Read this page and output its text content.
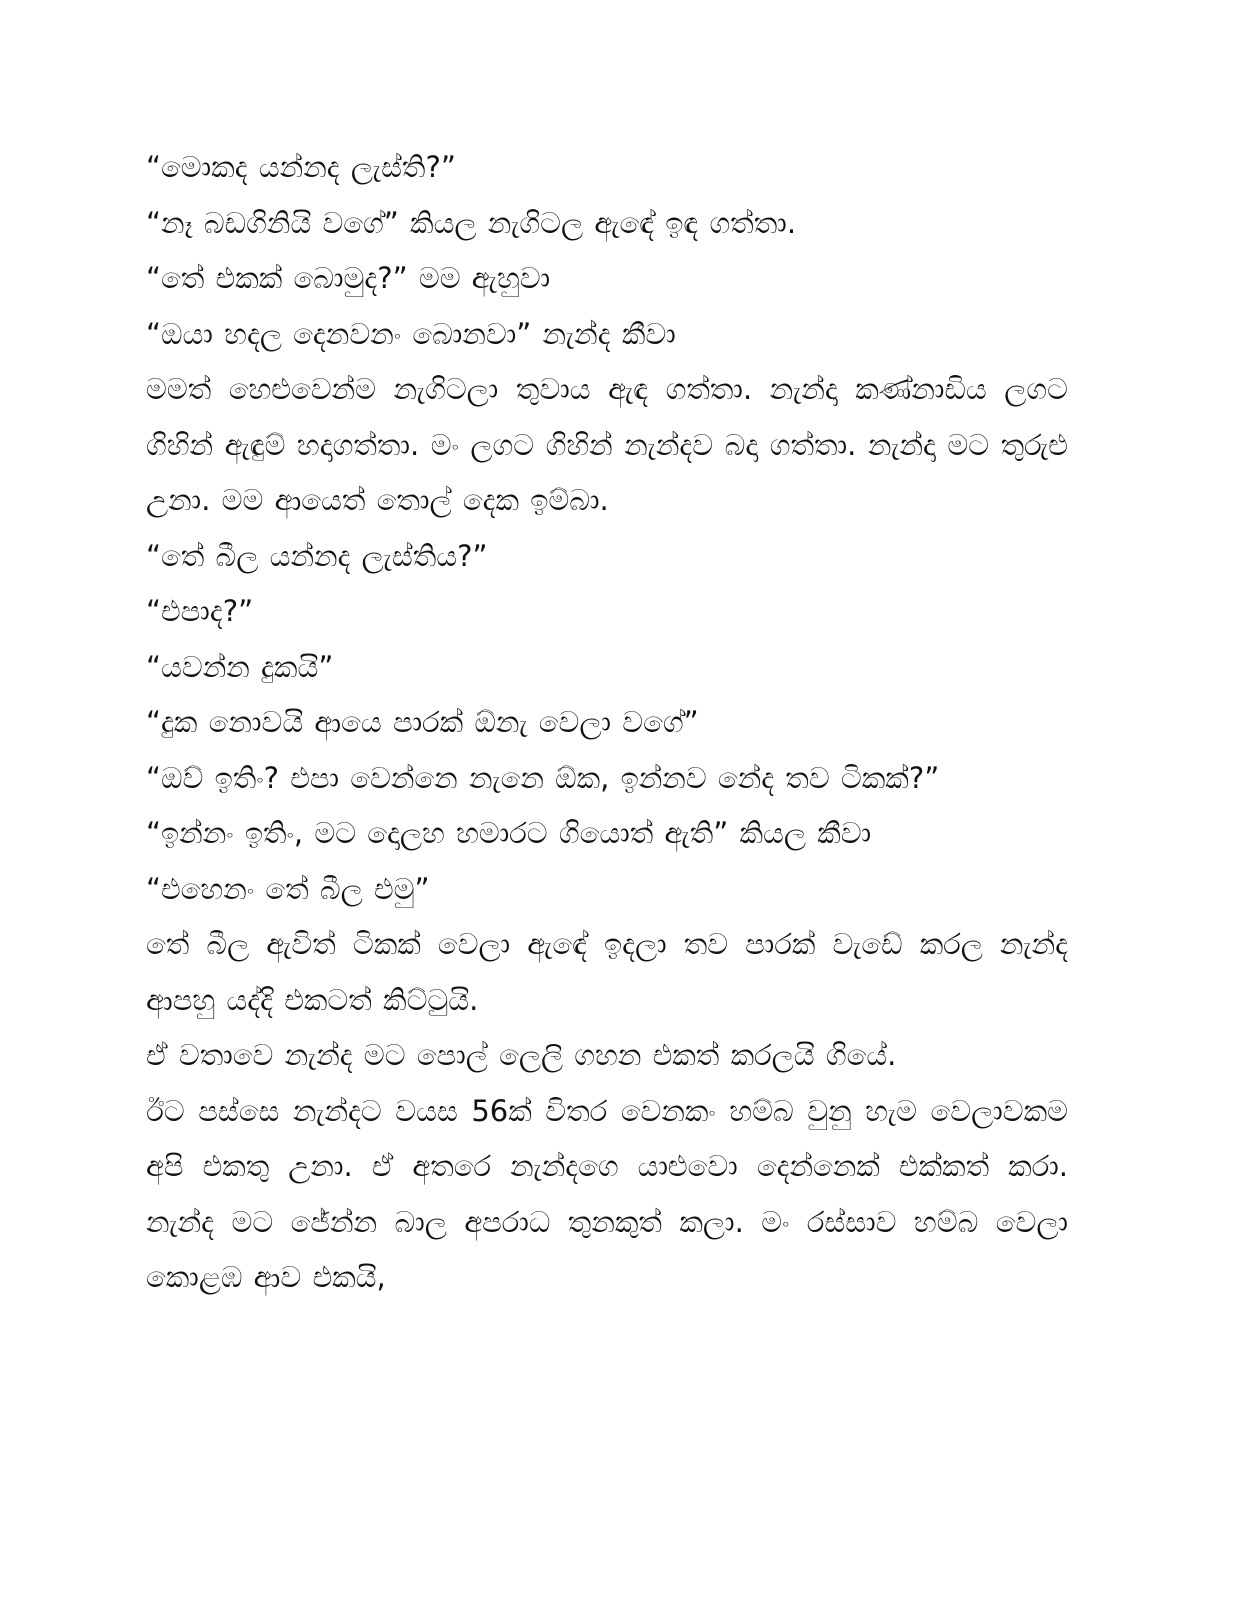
“මොකද යන්නද ලැස්ති?”

“නෑ බඩගිනියි වගේ” කියල නැගිටල ඇඳේ ඉඳ ගත්තා.

“තේ එකක් බොමුද?” මම ඇහුවා

“ඔයා හදල දෙනවනං බොනවා” නැන්ද කීවා

මමත් හෙළුවෙන්ම නැගිටලා තුවාය ඇඳ ගත්තා. නැන්දා කණ්නාඩිය ලගට ගිහින් ඇඳුම් හදාගත්තා. මං ලගට ගිහින් නැන්දව බදා ගත්තා. නැන්දා මට තුරුළු උනා. මම ආයෙත් තොල් දෙක ඉම්බා.

“තේ බීල යන්නද ලැස්තිය?”

“එපාද?”

“යවන්න දුකයි”

“දුක නොවයි ආයෙ පාරක් ඕනැ වෙලා වගේ”

“ඔව් ඉතිං? එපා වෙන්නෙ නැනෙ ඕක, ඉන්නව නේද තව ටිකක්?”

“ඉන්නං ඉතිං, මට දොලහ හමාරට ගියොත් ඇති” කියල කීවා

“එහෙනං තේ බීල එමු”

තේ බීල ඇවිත් ටිකක් වෙලා ඇඳේ ඉදලා තව පාරක් වැඩේ කරල නැන්ද ආපහු යද්දි එකටත් කිට්ටුයි.

ඒ වතාවෙ නැන්ද මට පොල් ලෙලි ගහන එකත් කරලයි ගියේ.

ඊට පස්සෙ නැන්දට වයස 56ක් විතර වෙනකං හම්බ වුනු හැම වෙලාවකම අපි එකතු උනා. ඒ අතරෙ නැන්දගෙ යාළුවො දෙන්නෙක් එක්කත් කරා. නැන්ද මට ජේන්න බාල අපරාධ තුනකුත් කලා. මං රස්සාව හම්බ වෙලා කොළඹ ආව එකයි,
